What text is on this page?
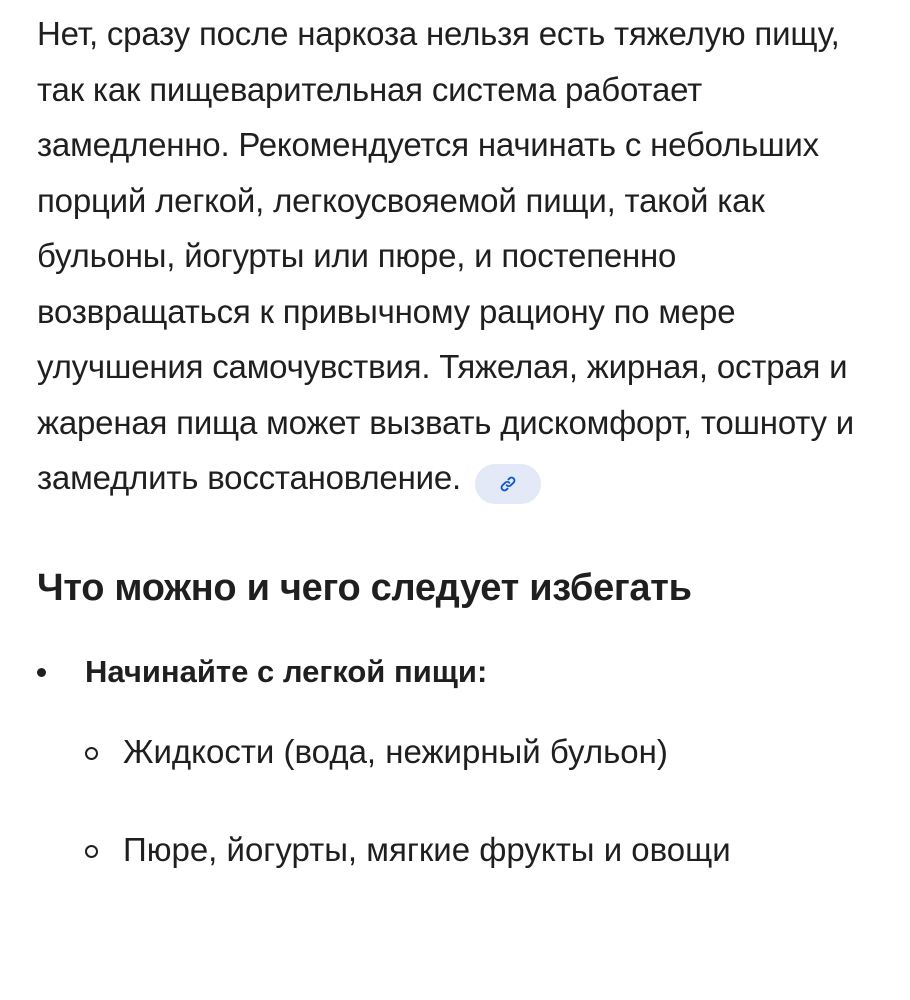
Нет, сразу после наркоза нельзя есть тяжелую пищу, так как пищеварительная система работает замедленно. Рекомендуется начинать с небольших порций легкой, легкоусвояемой пищи, такой как бульоны, йогурты или пюре, и постепенно возвращаться к привычному рациону по мере улучшения самочувствия. Тяжелая, жирная, острая и жареная пища может вызвать дискомфорт, тошноту и замедлить восстановление.

Что можно и чего следует избегать
Начинайте с легкой пищи:
Жидкости (вода, нежирный бульон)
Пюре, йогурты, мягкие фрукты и овощи
